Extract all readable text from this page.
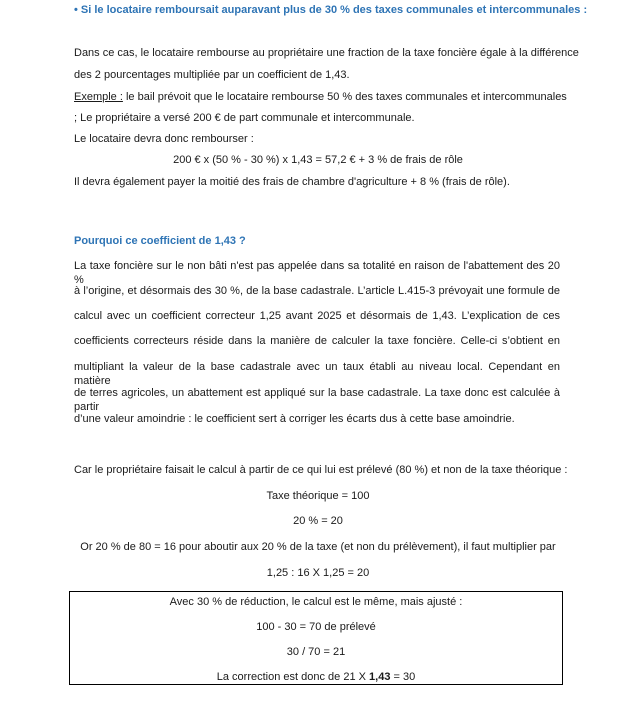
• Si le locataire remboursait auparavant plus de 30 % des taxes communales et intercommunales :
Dans ce cas, le locataire rembourse au propriétaire une fraction de la taxe foncière égale à la différence
des 2 pourcentages multipliée par un coefficient de 1,43.
Exemple : le bail prévoit que le locataire rembourse 50 % des taxes communales et intercommunales
; Le propriétaire a versé 200 € de part communale et intercommunale.
Le locataire devra donc rembourser :
200 € x (50 % - 30 %) x 1,43 = 57,2 € + 3 % de frais de rôle
Il devra également payer la moitié des frais de chambre d'agriculture + 8 % (frais de rôle).
Pourquoi ce coefficient de 1,43 ?
La taxe foncière sur le non bâti n'est pas appelée dans sa totalité en raison de l'abattement des 20 %
à l’origine, et désormais des 30 %, de la base cadastrale. L’article L.415-3 prévoyait une formule de
calcul avec un coefficient correcteur 1,25 avant 2025 et désormais de 1,43. L’explication de ces
coefficients correcteurs réside dans la manière de calculer la taxe foncière. Celle-ci s’obtient en
multipliant la valeur de la base cadastrale avec un taux établi au niveau local. Cependant en matière
de terres agricoles, un abattement est appliqué sur la base cadastrale. La taxe donc est calculée à partir
d’une valeur amoindrie : le coefficient sert à corriger les écarts dus à cette base amoindrie.
Car le propriétaire faisait le calcul à partir de ce qui lui est prélevé (80 %) et non de la taxe théorique :
Taxe théorique = 100
20 % = 20
Or 20 % de 80 = 16 pour aboutir aux 20 % de la taxe (et non du prélèvement), il faut multiplier par
1,25 : 16 X 1,25 = 20
Avec 30 % de réduction, le calcul est le même, mais ajusté :
100 - 30 = 70 de prélevé
30 / 70 = 21
La correction est donc de 21 X 1,43 = 30
